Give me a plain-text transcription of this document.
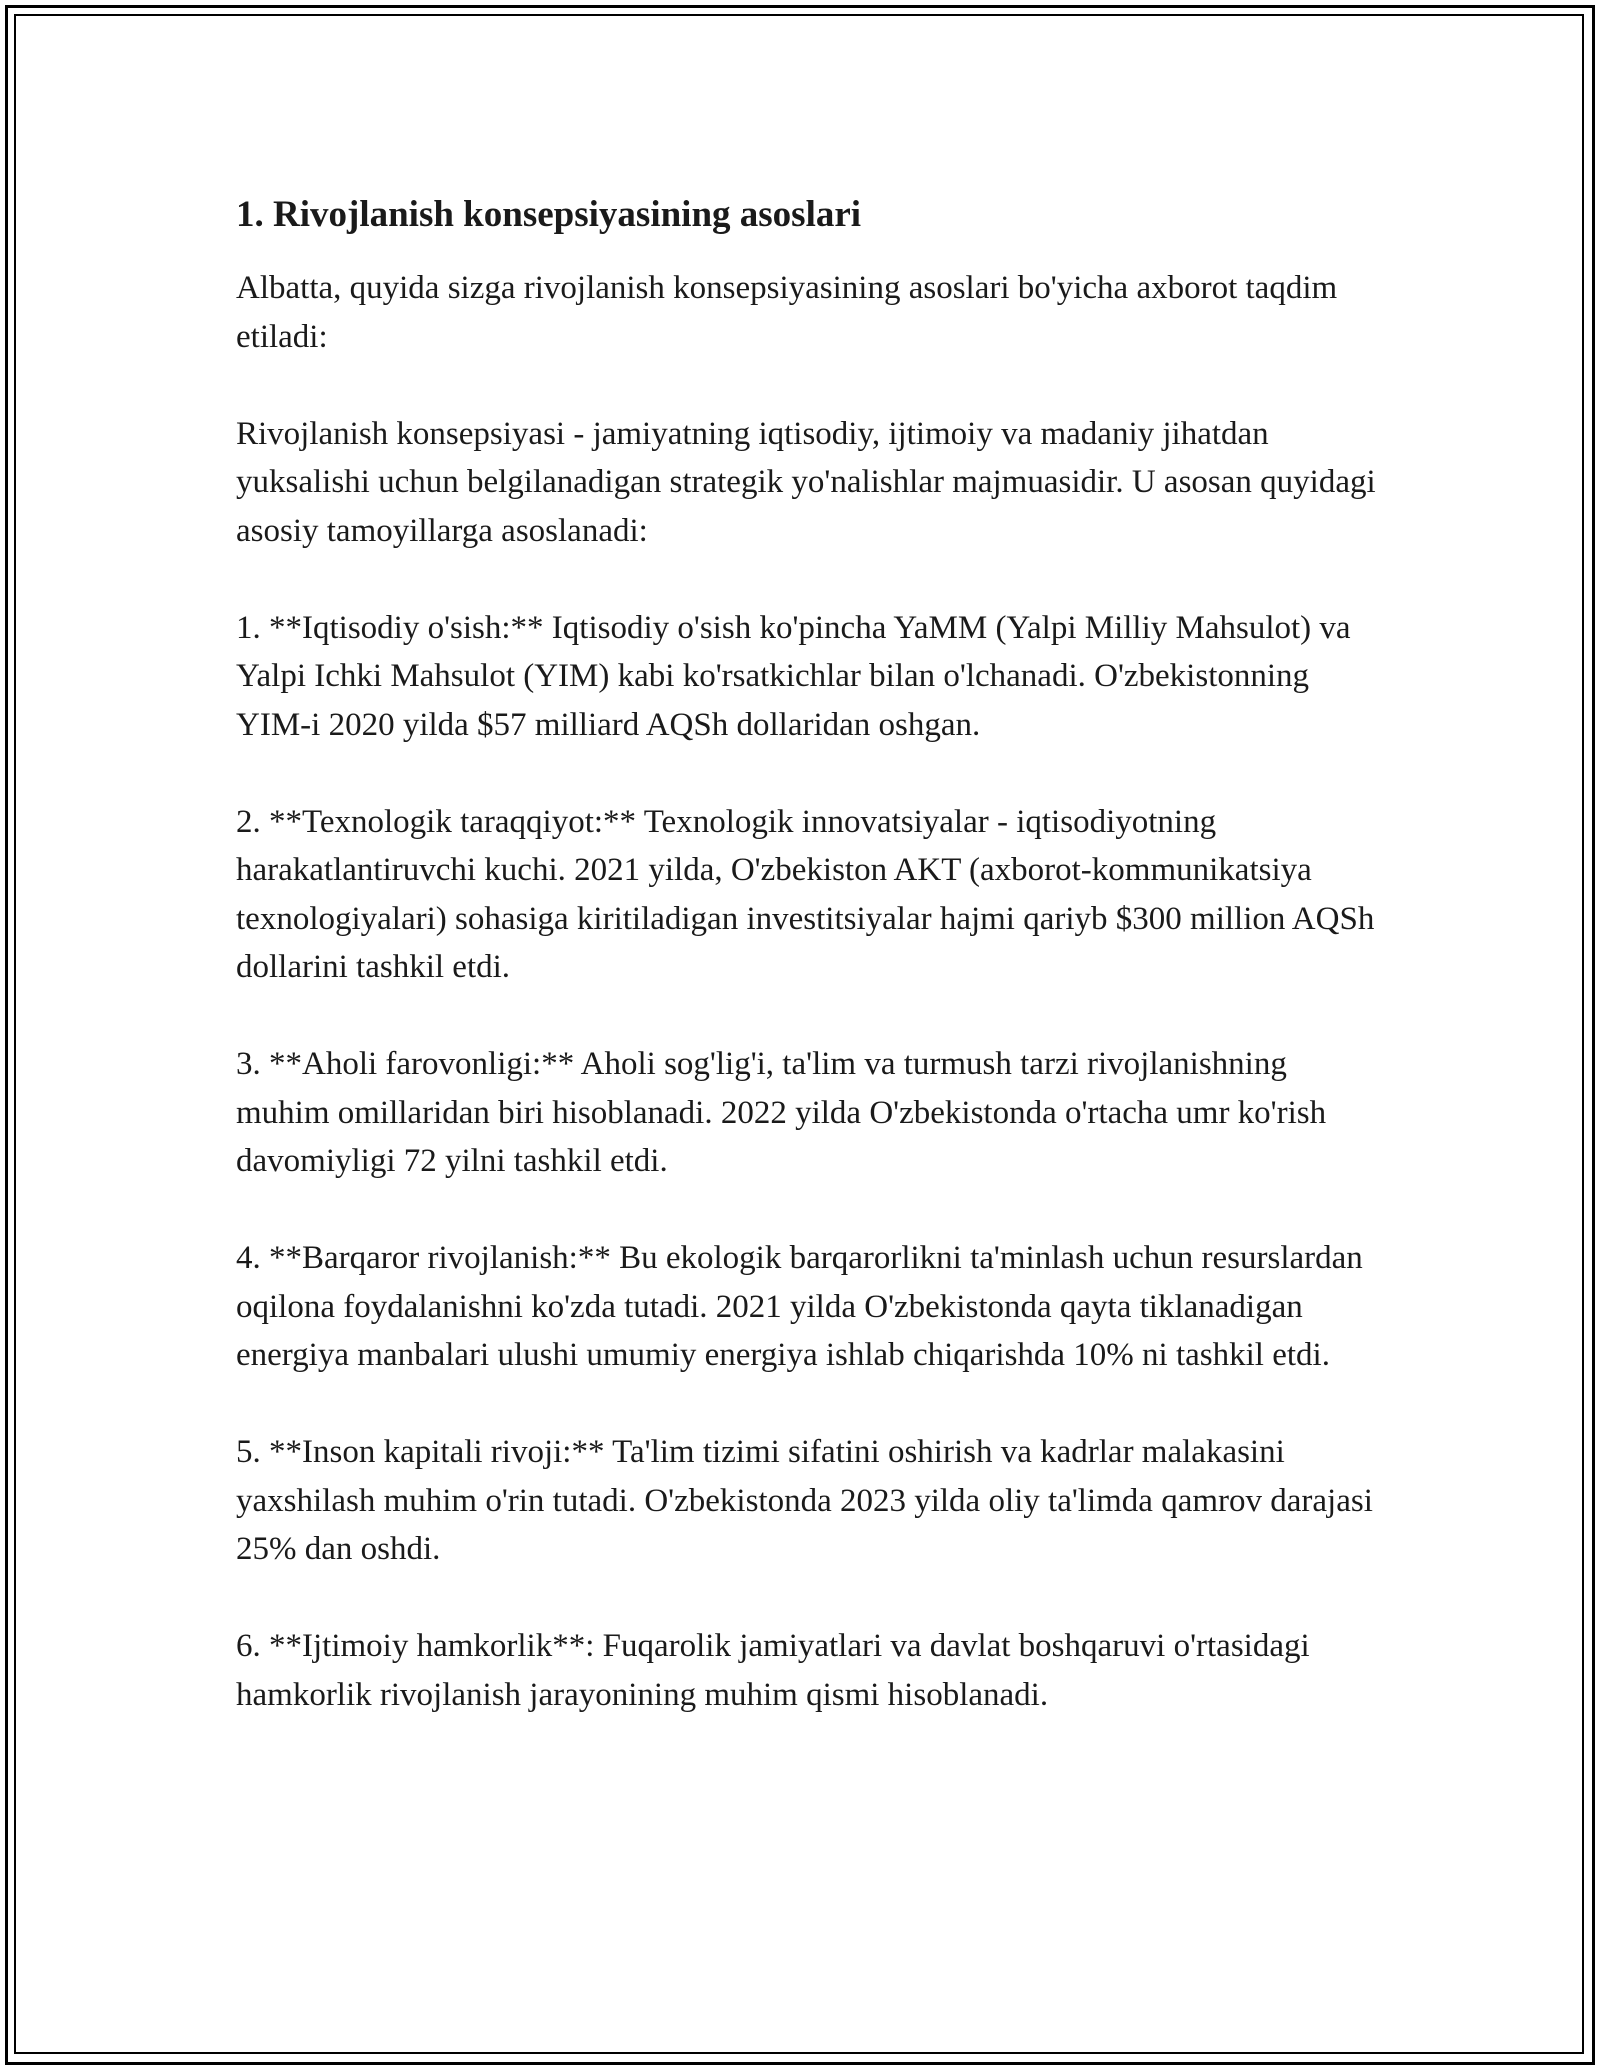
1. Rivojlanish konsepsiyasining asoslari

Albatta, quyida sizga rivojlanish konsepsiyasining asoslari bo'yicha axborot taqdim etiladi:

Rivojlanish konsepsiyasi - jamiyatning iqtisodiy, ijtimoiy va madaniy jihatdan yuksalishi uchun belgilanadigan strategik yo'nalishlar majmuasidir. U asosan quyidagi asosiy tamoyillarga asoslanadi:

1. **Iqtisodiy o'sish:** Iqtisodiy o'sish ko'pincha YaMM (Yalpi Milliy Mahsulot) va Yalpi Ichki Mahsulot (YIM) kabi ko'rsatkichlar bilan o'lchanadi. O'zbekistonning YIM-i 2020 yilda $57 milliard AQSh dollaridan oshgan.

2. **Texnologik taraqqiyot:** Texnologik innovatsiyalar - iqtisodiyotning harakatlantiruvchi kuchi. 2021 yilda, O'zbekiston AKT (axborot-kommunikatsiya texnologiyalari) sohasiga kiritiladigan investitsiyalar hajmi qariyb $300 million AQSh dollarini tashkil etdi.

3. **Aholi farovonligi:** Aholi sog'lig'i, ta'lim va turmush tarzi rivojlanishning muhim omillaridan biri hisoblanadi. 2022 yilda O'zbekistonda o'rtacha umr ko'rish davomiyligi 72 yilni tashkil etdi.

4. **Barqaror rivojlanish:** Bu ekologik barqarorlikni ta'minlash uchun resurslardan oqilona foydalanishni ko'zda tutadi. 2021 yilda O'zbekistonda qayta tiklanadigan energiya manbalari ulushi umumiy energiya ishlab chiqarishda 10% ni tashkil etdi.

5. **Inson kapitali rivoji:** Ta'lim tizimi sifatini oshirish va kadrlar malakasini yaxshilash muhim o'rin tutadi. O'zbekistonda 2023 yilda oliy ta'limda qamrov darajasi 25% dan oshdi.

6. **Ijtimoiy hamkorlik**: Fuqarolik jamiyatlari va davlat boshqaruvi o'rtasidagi hamkorlik rivojlanish jarayonining muhim qismi hisoblanadi.
